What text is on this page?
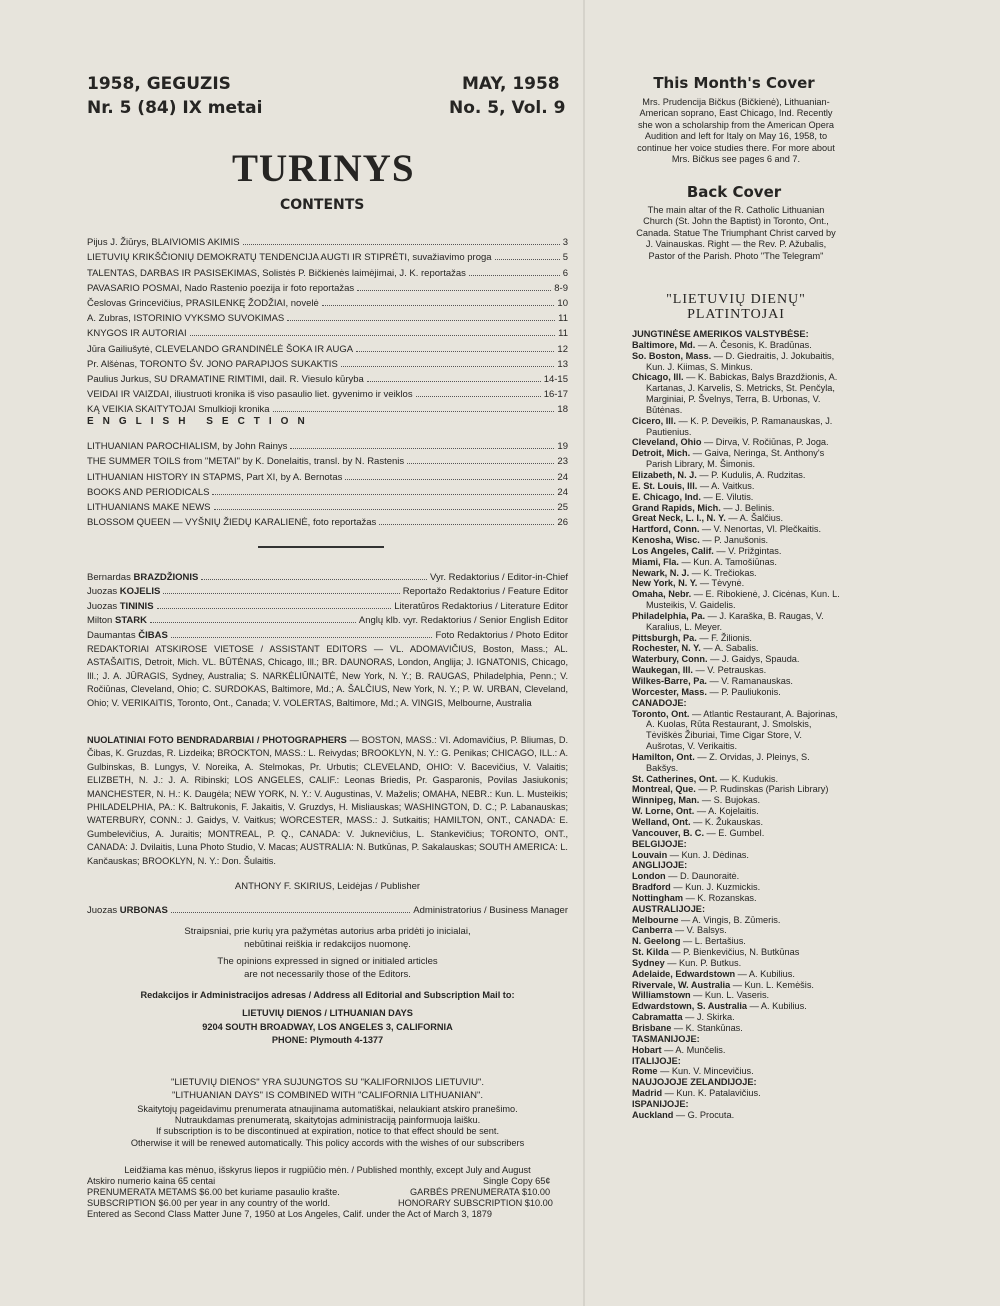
1958, GEGUZIS
Nr. 5 (84) IX metai
MAY, 1958
No. 5, Vol. 9
TURINYS
CONTENTS
Pijus J. Žiūrys, BLAIVIOMIS AKIMIS	3
LIETUVIŲ KRIKŠČIONIŲ DEMOKRATŲ TENDENCIJA AUGTI IR STIPRĖTI, suvažiavimo proga	5
TALENTAS, DARBAS IR PASISEKIMAS, Solistės P. Bičkienės laimėjimai, J. K. reportažas	6
PAVASARIO POSMAI, Nado Rastenio poezija ir foto reportažas	8-9
Česlovas Grincevičius, PRASILENKĘ ŽODŽIAI, novelė	10
A. Zubras, ISTORINIO VYKSMO SUVOKIMAS	11
KNYGOS IR AUTORIAI	11
Jūra Gailiušytė, CLEVELANDO GRANDINĖLĖ ŠOKA IR AUGA	12
Pr. Alšėnas, TORONTO ŠV. JONO PARAPIJOS SUKAKTIS	13
Paulius Jurkus, SU DRAMATINE RIMTIMI, dail. R. Viesulo kūryba	14-15
VEIDAI IR VAIZDAI, iliustruoti kronika iš viso pasaulio liet. gyvenimo ir veiklos	16-17
KĄ VEIKIA SKAITYTOJAI Smulkioji kronika	18
ENGLISH SECTION
LITHUANIAN PAROCHIALISM, by John Rainys	19
THE SUMMER TOILS from "METAI" by K. Donelaitis, transl. by N. Rastenis	23
LITHUANIAN HISTORY IN STAPMS, Part XI, by A. Bernotas	24
BOOKS AND PERIODICALS	24
LITHUANIANS MAKE NEWS	25
BLOSSOM QUEEN — VYŠNIŲ ŽIEDŲ KARALIENĖ, foto reportažas	26
Bernardas BRAZDŽIONIS	Vyr. Redaktorius / Editor-in-Chief
Juozas KOJELIS	Reportažo Redaktorius / Feature Editor
Juozas TININIS	Literatūros Redaktorius / Literature Editor
Milton STARK	Anglų klb. vyr. Redaktorius / Senior English Editor
Daumantas ČIBAS	Foto Redaktorius / Photo Editor
REDAKTORIAI ATSKIROSE VIETOSE / ASSISTANT EDITORS — VL. ADOMAVIČIUS, Boston, Mass.; AL. ASTAŠAITIS, Detroit, Mich. VL. BŪTĖNAS, Chicago, Ill.; BR. DAUNORAS, London, Anglija; J. IGNATONIS, Chicago, Ill.; J. A. JŪRAGIS, Sydney, Australia; S. NARKĖLIŪNAITĖ, New York, N. Y.; B. RAUGAS, Philadelphia, Penn.; V. Ročiūnas, Cleveland, Ohio; C. SURDOKAS, Baltimore, Md.; A. ŠALČIUS, New York, N. Y.; P. W. URBAN, Cleveland, Ohio; V. VERIKAITIS, Toronto, Ont., Canada; V. VOLERTAS, Baltimore, Md.; A. VINGIS, Melbourne, Australia
NUOLATINIAI FOTO BENDRADARBIAI / PHOTOGRAPHERS — BOSTON, MASS.: VI. Adomavičius, P. Bliumas, D. Čibas, K. Gruzdas, R. Lizdeika; BROCKTON, MASS.: L. Reivydas; BROOKLYN, N. Y.: G. Penikas; CHICAGO, ILL.: A. Gulbinskas, B. Lungys, V. Noreika, A. Stelmokas, Pr. Urbutis; CLEVELAND, OHIO: V. Bacevičius, V. Valaitis; ELIZBETH, N. J.: J. A. Ribinski; LOS ANGELES, CALIF.: Leonas Briedis, Pr. Gasparonis, Povilas Jasiukonis; MANCHESTER, N. H.: K. Daugėla; NEW YORK, N. Y.: V. Augustinas, V. Maželis; OMAHA, NEBR.: Kun. L. Musteikis; PHILADELPHIA, PA.: K. Baltrukonis, F. Jakaitis, V. Gruzdys, H. Misliauskas; WASHINGTON, D. C.; P. Labanauskas; WATERBURY, CONN.: J. Gaidys, V. Vaitkus; WORCESTER, MASS.: J. Sutkaitis; HAMILTON, ONT., CANADA: E. Gumbelevičius, A. Juraitis; MONTREAL, P. Q., CANADA: V. Jukneviĉius, L. Stankevičius; TORONTO, ONT., CANADA: J. Dvilaitis, Luna Photo Studio, V. Macas; AUSTRALIA: N. Butkūnas, P. Sakalauskas; SOUTH AMERICA: L. Kančauskas; BROOKLYN, N. Y.: Don. Šulaitis.
ANTHONY F. SKIRIUS, Leidėjas / Publisher
Juozas URBONAS	Administratorius / Business Manager
Straipsniai, prie kurių yra pažymėtas autorius arba pridėti jo inicialai,
nebūtinai reiškia ir redakcijos nuomonę.
The opinions expressed in signed or initialed articles
are not necessarily those of the Editors.
Redakcijos ir Administracijos adresas / Address all Editorial and Subscription Mail to:
LIETUVIŲ DIENOS / LITHUANIAN DAYS
9204 SOUTH BROADWAY, LOS ANGELES 3, CALIFORNIA
PHONE: Plymouth 4-1377
"LIETUVIŲ DIENOS" YRA SUJUNGTOS SU "KALIFORNIJOS LIETUVIU".
"LITHUANIAN DAYS" IS COMBINED WITH "CALIFORNIA LITHUANIAN".
Skaitytojų pageidavimu prenumerata atnaujinama automatiškai, nelaukiant atskiro pranešimo.
Nutraukdamas prenumeratą, skaitytojas administraciją painformuoja laišku.
If subscription is to be discontinued at expiration, notice to that effect should be sent.
Otherwise it will be renewed automatically. This policy accords with the wishes of our subscribers
Leidžiama kas mėnuo, išskyrus liepos ir rugpiūčio mėn. / Published monthly, except July and August
Atskiro numerio kaina 65 centai	Single Copy 65¢
PRENUMERATA METAMS $6.00 bet kuriame pasaulio krašte.	GARBĖS PRENUMERATA $10.00
SUBSCRIPTION $6.00 per year in any country of the world.	HONORARY SUBSCRIPTION $10.00
Entered as Second Class Matter June 7, 1950 at Los Angeles, Calif. under the Act of March 3, 1879
This Month's Cover
Mrs. Prudencija Bičkus (Bičkienė), Lithuanian-American soprano, East Chicago, Ind. Recently she won a scholarship from the American Opera Audition and left for Italy on May 16, 1958, to continue her voice studies there. For more about Mrs. Bičkus see pages 6 and 7.
Back Cover
The main altar of the R. Catholic Lithuanian Church (St. John the Baptist) in Toronto, Ont., Canada. Statue The Triumphant Christ carved by J. Vainauskas. Right — the Rev. P. Ažubalis, Pastor of the Parish. Photo "The Telegram"
"LIETUVIŲ DIENŲ"
PLATINTOJAI
JUNGTINĖSE AMERIKOS VALSTYBĖSE:
Baltimore, Md. — A. Česonis, K. Bradūnas.
So. Boston, Mass. — D. Giedraitis, J. Jokubaitis, Kun. J. Kiimas, S. Minkus.
Chicago, Ill. — K. Babickas, Balys Brazdžionis, A. Kartanas, J. Karvelis, S. Metricks, St. Penčyla, Marginiai, P. Švelnys, Terra, B. Urbonas, V. Būtėnas.
Cicero, Ill. — K. P. Deveikis, P. Ramanauskas, J. Pautienius.
Cleveland, Ohio — Dirva, V. Ročiūnas, P. Joga.
Detroit, Mich. — Gaiva, Neringa, St. Anthony's Parish Library, M. Šimonis.
Elizabeth, N. J. — P. Kudulis, A. Rudzitas.
E. St. Louis, Ill. — A. Vaitkus.
E. Chicago, Ind. — E. Vilutis.
Grand Rapids, Mich. — J. Belinis.
Great Neck, L. I., N. Y. — A. Šalčius.
Hartford, Conn. — V. Nenortas, Vl. Plečkaitis.
Kenosha, Wisc. — P. Janušonis.
Los Angeles, Calif. — V. Prižgintas.
Miami, Fla. — Kun. A. Tamošiūnas.
Newark, N. J. — K. Trečiokas.
New York, N. Y. — Tėvynė.
Omaha, Nebr. — E. Ribokienė, J. Cicėnas, Kun. L. Musteikis, V. Gaidelis.
Philadelphia, Pa. — J. Karaška, B. Raugas, V. Karalius, L. Meyer.
Pittsburgh, Pa. — F. Žilionis.
Rochester, N. Y. — A. Sabalis.
Waterbury, Conn. — J. Gaidys, Spauda.
Waukegan, Ill. — V. Petrauskas.
Wilkes-Barre, Pa. — V. Ramanauskas.
Worcester, Mass. — P. Pauliukonis.
CANADOJE:
Toronto, Ont. — Atlantic Restaurant, A. Bajorinas, A. Kuolas, Rūta Restaurant, J. Smolskis, Tėviškės Žiburiai, Time Cigar Store, V. Aušrotas, V. Verikaitis.
Hamilton, Ont. — Z. Orvidas, J. Pleinys, S. Bakšys.
St. Catherines, Ont. — K. Kudukis.
Montreal, Que. — P. Rudinskas (Parish Library)
Winnipeg, Man. — S. Bujokas.
W. Lorne, Ont. — A. Kojelaitis.
Welland, Ont. — K. Žukauskas.
Vancouver, B. C. — E. Gumbel.
BELGIJOJE:
Louvain — Kun. J. Dėdinas.
ANGLIJOJE:
London — D. Daunoraitė.
Bradford — Kun. J. Kuzmickis.
Nottingham — K. Rozanskas.
AUSTRALIJOJE:
Melbourne — A. Vingis, B. Zūmeris.
Canberra — V. Balsys.
N. Geelong — L. Bertašius.
St. Kilda — P. Bienkevičius, N. Butkūnas
Sydney — Kun. P. Butkus.
Adelaide, Edwardstown — A. Kubilius.
Rivervale, W. Australia — Kun. L. Kemėšis.
Williamstown — Kun. L. Vaseris.
Edwardstown, S. Australia — A. Kubilius.
Cabramatta — J. Skirka.
Brisbane — K. Stankūnas.
TASMANIJOJE:
Hobart — A. Munčelis.
ITALIJOJE:
Rome — Kun. V. Mincevičius.
NAUJOJOJE ZELANDIJOJE:
Madrid — Kun. K. Patalavičius.
ISPANIJOJE:
Auckland — G. Procuta.
